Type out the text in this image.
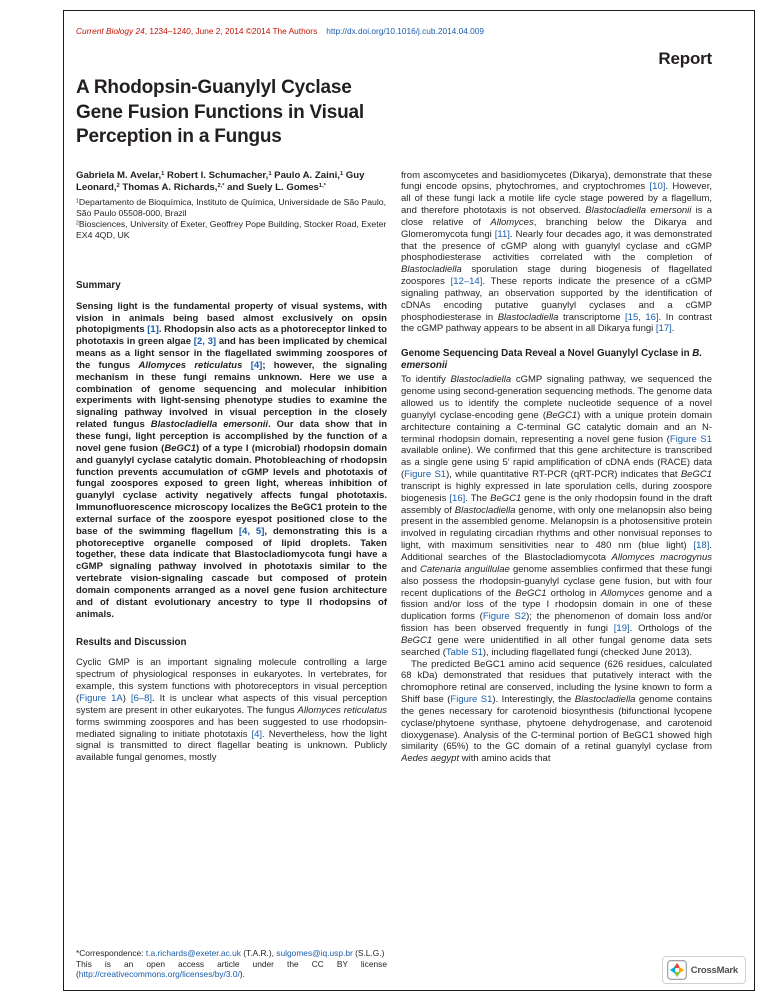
Current Biology 24, 1234–1240, June 2, 2014 ©2014 The Authors http://dx.doi.org/10.1016/j.cub.2014.04.009
Report
A Rhodopsin-Guanylyl Cyclase
Gene Fusion Functions in Visual
Perception in a Fungus
Gabriela M. Avelar,$^1$ Robert I. Schumacher,$^1$ Paulo A. Zaini,$^1$ Guy Leonard,$^2$ Thomas A. Richards,$^{2,*}$ and Suely L. Gomes$^{1,*}$
$^1$Departamento de Bioquímica, Instituto de Química, Universidade de São Paulo, São Paulo 05508-000, Brazil
$^2$Biosciences, University of Exeter, Geoffrey Pope Building, Stocker Road, Exeter EX4 4QD, UK
Summary

Sensing light is the fundamental property of visual systems, with vision in animals being based almost exclusively on opsin photopigments [1]. Rhodopsin also acts as a photoreceptor linked to phototaxis in green algae [2, 3] and has been implicated by chemical means as a light sensor in the flagellated swimming zoospores of the fungus Allomyces reticulatus [4]; however, the signaling mechanism in these fungi remains unknown. Here we use a combination of genome sequencing and molecular inhibition experiments with light-sensing phenotype studies to examine the signaling pathway involved in visual perception in the closely related fungus Blastocladiella emersonii. Our data show that in these fungi, light perception is accomplished by the function of a novel gene fusion (BeGC1) of a type I (microbial) rhodopsin domain and guanylyl cyclase catalytic domain. Photobleaching of rhodopsin function prevents accumulation of cGMP levels and phototaxis of fungal zoospores exposed to green light, whereas inhibition of guanylyl cyclase activity negatively affects fungal phototaxis. Immunofluorescence microscopy localizes the BeGC1 protein to the external surface of the zoospore eyespot positioned close to the base of the swimming flagellum [4, 5], demonstrating this is a photoreceptive organelle composed of lipid droplets. Taken together, these data indicate that Blastocladiomycota fungi have a cGMP signaling pathway involved in phototaxis similar to the vertebrate vision-signaling cascade but composed of protein domain components arranged as a novel gene fusion architecture and of distant evolutionary ancestry to type II rhodopsins of animals.

Results and Discussion

Cyclic GMP is an important signaling molecule controlling a large spectrum of physiological responses in eukaryotes. In vertebrates, for example, this system functions with photoreceptors in visual perception (Figure 1A) [6–8]. It is unclear what aspects of this visual perception system are present in other eukaryotes. The fungus Allomyces reticulatus forms swimming zoospores and has been suggested to use rhodopsin-mediated signaling to initiate phototaxis [4]. Nevertheless, how the light signal is transmitted to direct flagellar beating is unknown. Publicly available fungal genomes, mostly

*Correspondence: t.a.richards@exeter.ac.uk (T.A.R.), sulgomes@iq.usp.br (S.L.G.)

This is an open access article under the CC BY license (http://creativecommons.org/licenses/by/3.0/).

from ascomycetes and basidiomycetes (Dikarya), demonstrate that these fungi encode opsins, phytochromes, and cryptochromes [10]. However, all of these fungi lack a motile life cycle stage powered by a flagellum, and therefore phototaxis is not observed. Blastocladiella emersonii is a close relative of Allomyces, branching below the Dikarya and Glomeromycota fungi [11]. Nearly four decades ago, it was demonstrated that the presence of cGMP along with guanylyl cyclase and cGMP phosphodiesterase activities correlated with the completion of Blastocladiella sporulation stage during biogenesis of flagellated zoospores [12–14]. These reports indicate the presence of a cGMP signaling pathway, an observation supported by the identification of cDNAs encoding putative guanylyl cyclases and a cGMP phosphodiesterase in Blastocladiella transcriptome [15, 16]. In contrast the cGMP pathway appears to be absent in all Dikarya fungi [17].

Genome Sequencing Data Reveal a Novel Guanylyl Cyclase in B. emersonii

To identify Blastocladiella cGMP signaling pathway, we sequenced the genome using second-generation sequencing methods. The genome data allowed us to identify the complete nucleotide sequence of a novel guanylyl cyclase-encoding gene (BeGC1) with a unique protein domain architecture containing a C-terminal GC catalytic domain and an N-terminal rhodopsin domain, representing a novel gene fusion (Figure S1 available online). We confirmed that this gene architecture is transcribed as a single gene using 5′ rapid amplification of cDNA ends (RACE) data (Figure S1), while quantitative RT-PCR (qRT-PCR) indicates that BeGC1 transcript is highly expressed in late sporulation cells, during zoospore biogenesis [16]. The BeGC1 gene is the only rhodopsin found in the draft assembly of Blastocladiella genome, with only one melanopsin also being present in the assembled genome. Melanopsin is a photosensitive protein involved in regulating circadian rhythms and other nonvisual reponses to light, with maximum sensitivities near to 480 nm (blue light) [18]. Additional searches of the Blastocladiomycota Allomyces macrogynus and Catenaria anguillulae genome assemblies confirmed that these fungi also possess the rhodopsin-guanylyl cyclase gene fusion, but with four recent duplications of the BeGC1 ortholog in Allomyces genome and a fission and/or loss of the type I rhodopsin domain in one of these duplication forms (Figure S2); the phenomenon of domain loss and/or fission has been observed frequently in fungi [19]. Orthologs of the BeGC1 gene were unidentified in all other fungal genome data sets searched (Table S1), including flagellated fungi (checked June 2013).

The predicted BeGC1 amino acid sequence (626 residues, calculated 68 kDa) demonstrated that residues that putatively interact with the chromophore retinal are conserved, including the lysine known to form a Shiff base (Figure S1). Interestingly, the Blastocladiella genome contains the genes necessary for carotenoid biosynthesis (bifunctional lycopene cyclase/phytoene synthase, phytoene dehydrogenase, and carotenoid dioxygenase). Analysis of the C-terminal portion of BeGC1 showed high similarity (65%) to the GC domain of a retinal guanylyl cyclase from Aedes aegypt with amino acids that

CrossMark
